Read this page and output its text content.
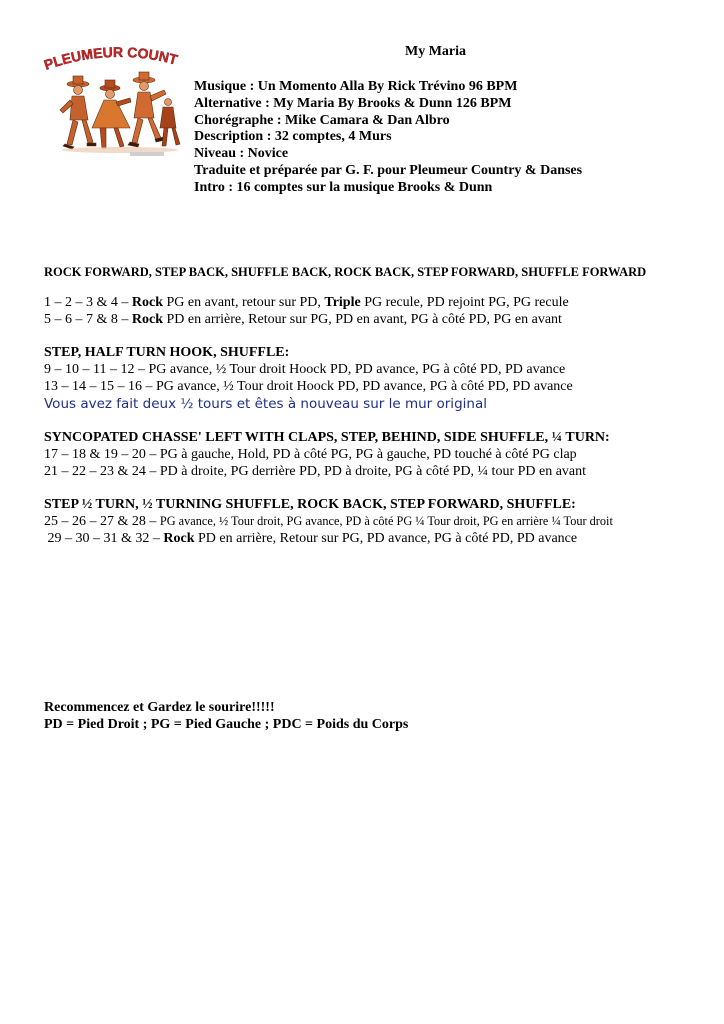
PLEUMEUR COUNT	My Maria
Musique : Un Momento Alla By Rick Trévino 96 BPM
Alternative : My Maria By Brooks & Dunn 126 BPM
Chorégraphe : Mike Camara & Dan Albro
Description : 32 comptes, 4 Murs
Niveau : Novice
Traduite et préparée par G. F. pour Pleumeur Country & Danses
Intro : 16 comptes sur la musique Brooks & Dunn
ROCK FORWARD, STEP BACK, SHUFFLE BACK, ROCK BACK, STEP FORWARD, SHUFFLE FORWARD
1 – 2 – 3 & 4 – Rock PG en avant, retour sur PD, Triple PG recule, PD rejoint PG, PG recule
5 – 6 – 7 & 8 – Rock PD en arrière, Retour sur PG, PD en avant, PG à côté PD, PG en avant
STEP, HALF TURN HOOK, SHUFFLE:
9 – 10 – 11 – 12 – PG avance, ½ Tour droit Hoock PD, PD avance, PG à côté PD, PD avance
13 – 14 – 15 – 16 – PG avance, ½ Tour droit Hoock PD, PD avance, PG à côté PD, PD avance
Vous avez fait deux ½ tours et êtes à nouveau sur le mur original
SYNCOPATED CHASSE' LEFT WITH CLAPS, STEP, BEHIND, SIDE SHUFFLE, ¼ TURN:
17 – 18 & 19 – 20 – PG à gauche, Hold, PD à côté PG, PG à gauche, PD touché à côté PG clap
21 – 22 – 23 & 24 – PD à droite, PG derrière PD, PD à droite, PG à côté PD, ¼ tour PD en avant
STEP ½ TURN, ½ TURNING SHUFFLE, ROCK BACK, STEP FORWARD, SHUFFLE:
25 – 26 – 27 & 28 – PG avance, ½ Tour droit, PG avance, PD à côté PG ¼ Tour droit, PG en arrière ¼ Tour droit
29 – 30 – 31 & 32 – Rock PD en arrière, Retour sur PG, PD avance, PG à côté PD, PD avance
Recommencez et Gardez le sourire!!!!!
PD = Pied Droit ; PG = Pied Gauche ; PDC = Poids du Corps
